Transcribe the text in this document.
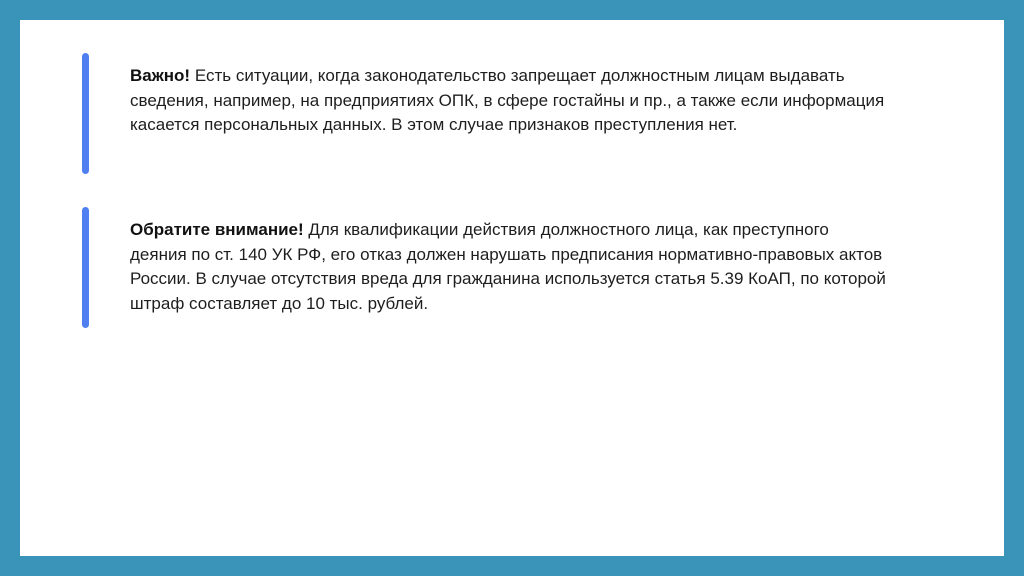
Важно! Есть ситуации, когда законодательство запрещает должностным лицам выдавать сведения, например, на предприятиях ОПК, в сфере гостайны и пр., а также если информация касается персональных данных. В этом случае признаков преступления нет.

Обратите внимание! Для квалификации действия должностного лица, как преступного деяния по ст. 140 УК РФ, его отказ должен нарушать предписания нормативно-правовых актов России. В случае отсутствия вреда для гражданина используется статья 5.39 КоАП, по которой штраф составляет до 10 тыс. рублей.
